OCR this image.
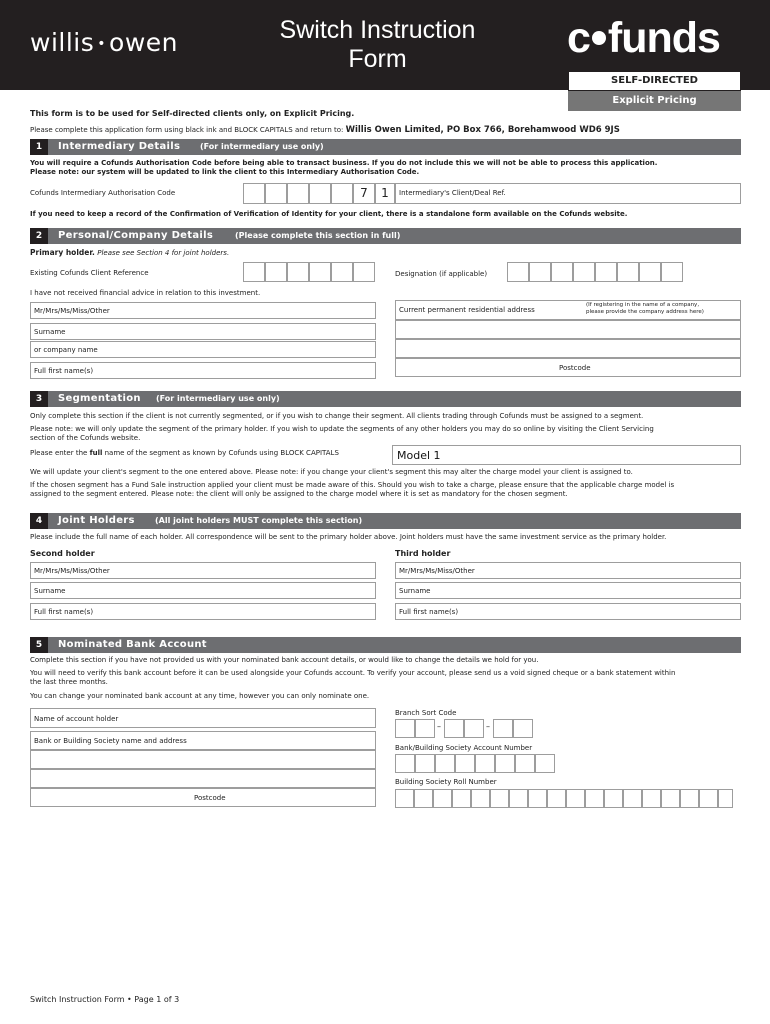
willis • owen	Switch Instruction
Form	c funds
SELF-DIRECTED
Explicit Pricing
This form is to be used for Self-directed clients only, on Explicit Pricing.
Please complete this application form using black ink and BLOCK CAPITALS and return to: Willis Owen Limited, PO Box 766, Borehamwood WD6 9JS
1	Intermediary Details (For intermediary use only)
You will require a Cofunds Authorisation Code before being able to transact business. If you do not include this we will not be able to process this application.
Please note: our system will be updated to link the client to this Intermediary Authorisation Code.
Cofunds Intermediary Authorisation Code	7	1	Intermediary's Client/Deal Ref.
If you need to keep a record of the Confirmation of Verification of Identity for your client, there is a standalone form available on the Cofunds website.
2	Personal/Company Details	(Please complete this section in full)
Primary holder. Please see Section 4 for joint holders.
Existing Cofunds Client Reference	Designation (if applicable)
I have not received financial advice in relation to this investment.
Mr/Mrs/Ms/Miss/Other
Surname
or company name
Full first name(s)
Current permanent residential address
(If registering in the name of a company,
please provide the company address here)
Postcode
3	Segmentation (For intermediary use only)
Only complete this section if the client is not currently segmented, or if you wish to change their segment. All clients trading through Cofunds must be assigned to a segment.
Please note: we will only update the segment of the primary holder. If you wish to update the segments of any other holders you may do so online by visiting the Client Servicing
section of the Cofunds website.
Please enter the full name of the segment as known by Cofunds using BLOCK CAPITALS	Model 1
We will update your client's segment to the one entered above. Please note: if you change your client's segment this may alter the charge model your client is assigned to.
If the chosen segment has a Fund Sale instruction applied your client must be made aware of this. Should you wish to take a charge, please ensure that the applicable charge model is
assigned to the segment entered. Please note: the client will only be assigned to the charge model where it is set as mandatory for the chosen segment.
4	Joint Holders	(All joint holders MUST complete this section)
Please include the full name of each holder. All correspondence will be sent to the primary holder above. Joint holders must have the same investment service as the primary holder.
Second holder	Third holder
Mr/Mrs/Ms/Miss/Other
Surname
Full first name(s)
Mr/Mrs/Ms/Miss/Other
Surname
Full first name(s)
5	Nominated Bank Account
Complete this section if you have not provided us with your nominated bank account details, or would like to change the details we hold for you.
You will need to verify this bank account before it can be used alongside your Cofunds account. To verify your account, please send us a void signed cheque or a bank statement within
the last three months.
You can change your nominated bank account at any time, however you can only nominate one.
Name of account holder
Bank or Building Society name and address
Postcode
Branch Sort Code
–	–
Bank/Building Society Account Number
Building Society Roll Number
Switch Instruction Form • Page 1 of 3
